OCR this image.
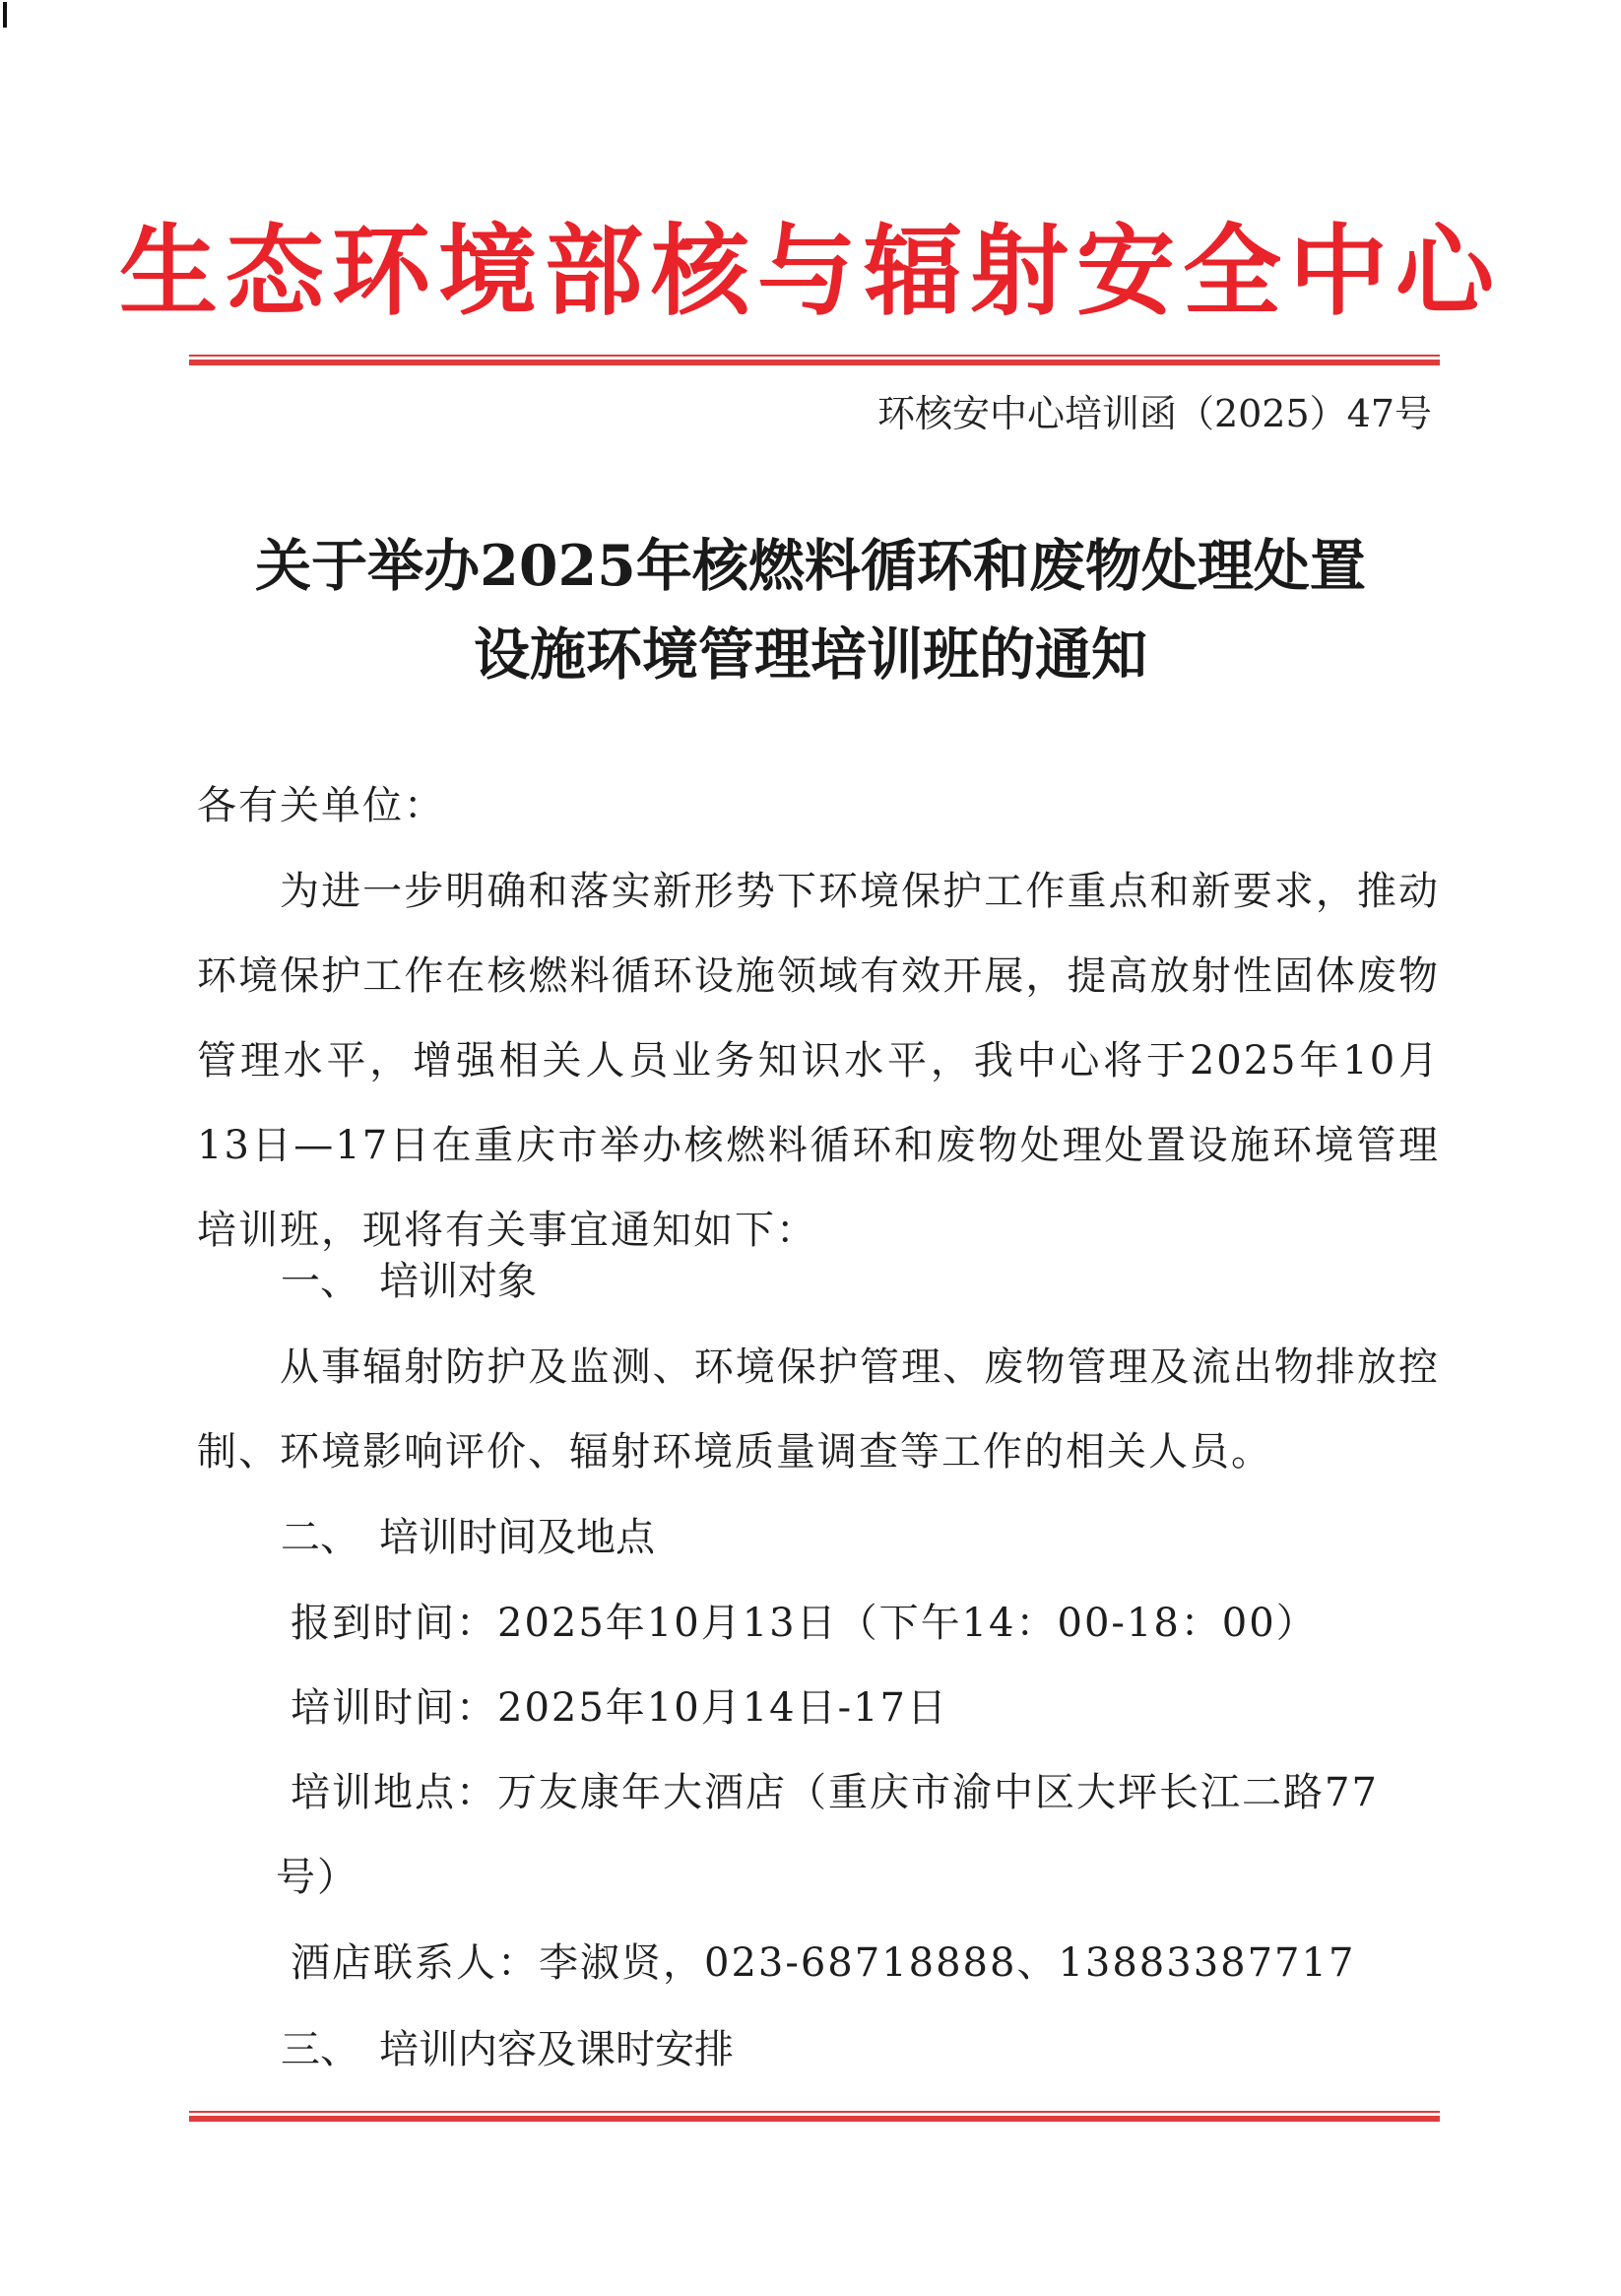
生态环境部核与辐射安全中心
环核安中心培训函（2025）47号
关于举办2025年核燃料循环和废物处理处置
设施环境管理培训班的通知
各有关单位：
为进一步明确和落实新形势下环境保护工作重点和新要求，推动环境保护工作在核燃料循环设施领域有效开展，提高放射性固体废物管理水平，增强相关人员业务知识水平，我中心将于2025年10月13日—17日在重庆市举办核燃料循环和废物处理处置设施环境管理培训班，现将有关事宜通知如下：
一、 培训对象
从事辐射防护及监测、环境保护管理、废物管理及流出物排放控制、环境影响评价、辐射环境质量调查等工作的相关人员。
二、 培训时间及地点
报到时间：2025年10月13日（下午14：00-18：00）
培训时间：2025年10月14日-17日
培训地点：万友康年大酒店（重庆市渝中区大坪长江二路77
号）
酒店联系人：李淑贤，023-68718888、13883387717
三、 培训内容及课时安排
